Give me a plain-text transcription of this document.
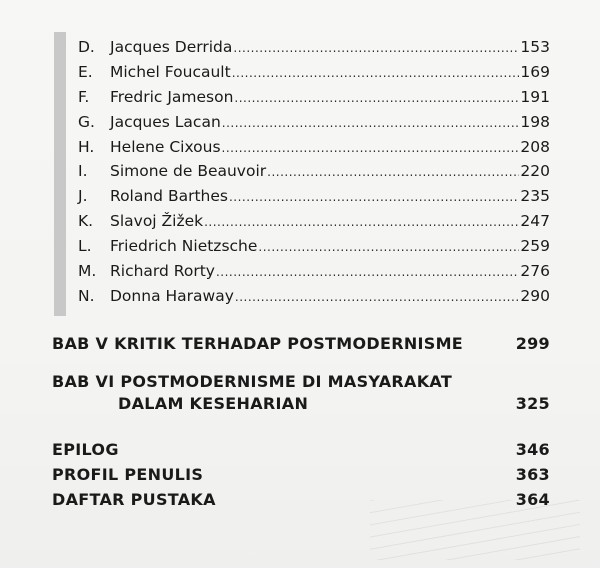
D. Jacques Derrida .....	153
E.	Michel Foucault .....	169
F.	Fredric Jameson .....	191
G. Jacques Lacan .....	198
H.	Helene Cixous .....	208
I.	Simone de Beauvoir .....	220
J.	Roland Barthes .....	235
K.	Slavoj Žižek .....	247
L.	Friedrich Nietzsche .....	259
M. Richard Rorty .....	276
N. Donna Haraway .....	290
BAB V KRITIK TERHADAP POSTMODERNISME	299
BAB VI POSTMODERNISME DI MASYARAKAT
DALAM KESEHARIAN	325
EPILOG	346
PROFIL PENULIS	363
DAFTAR PUSTAKA	364
